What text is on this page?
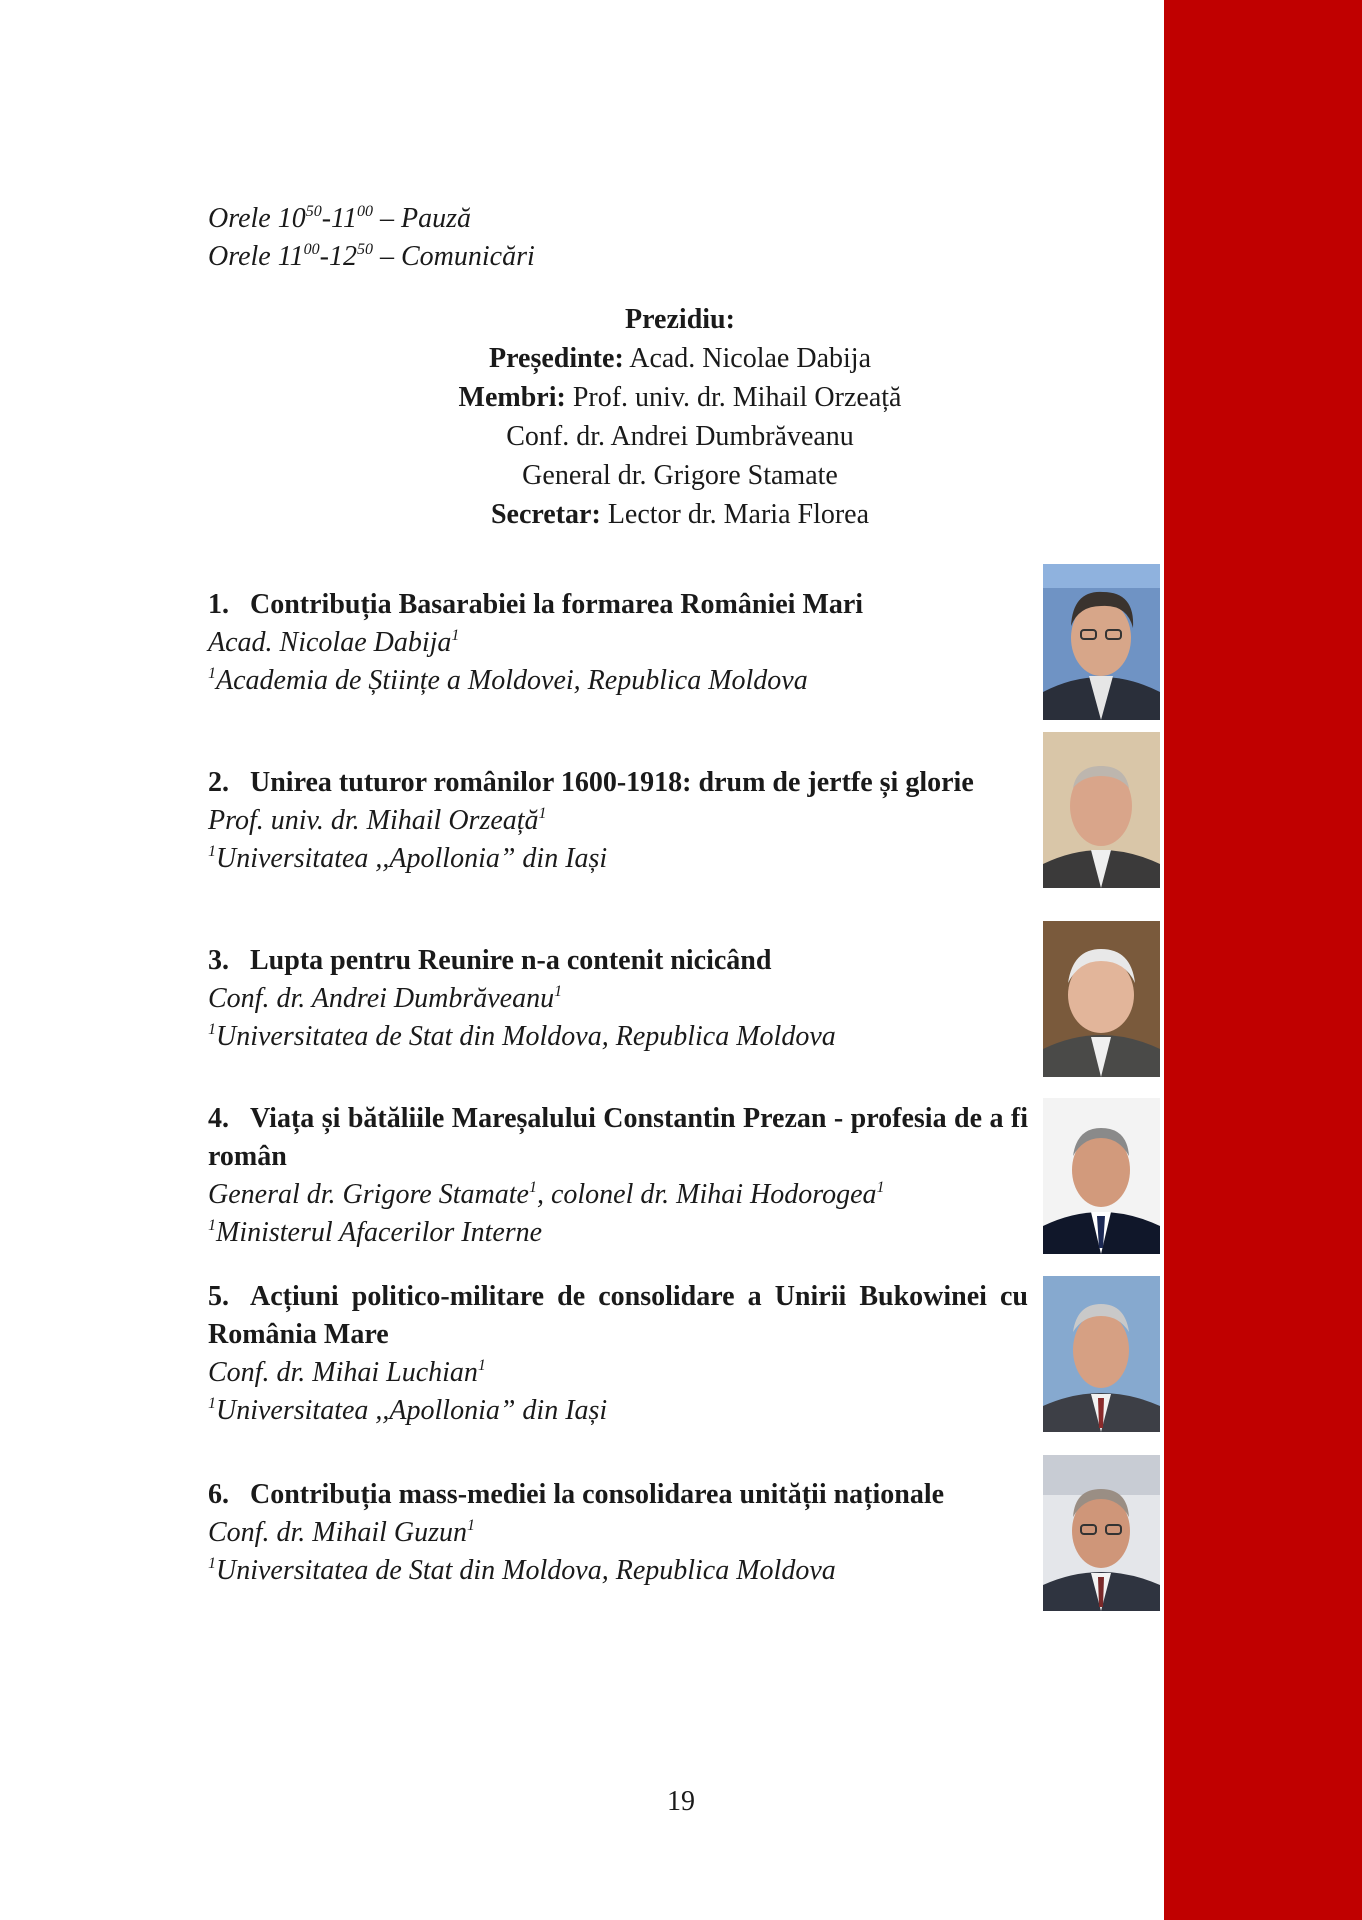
Orele $10^{50}-11^{00}$ – Pauză
Orele $11^{00}-12^{50}$ – Comunicări
Prezidiu:
Președinte: Acad. Nicolae Dabija
Membri: Prof. univ. dr. Mihail Orzeață
Conf. dr. Andrei Dumbrăveanu
General dr. Grigore Stamate
Secretar: Lector dr. Maria Florea
1. Contribuția Basarabiei la formarea României Mari
Acad. Nicolae Dabija$^1$
$^1$Academia de Științe a Moldovei, Republica Moldova
2. Unirea tuturor românilor 1600-1918: drum de jertfe și glorie
Prof. univ. dr. Mihail Orzeață$^1$
$^1$Universitatea ,,Apollonia” din Iași
3. Lupta pentru Reunire n-a contenit nicicând
Conf. dr. Andrei Dumbrăveanu$^1$
$^1$Universitatea de Stat din Moldova, Republica Moldova
4. Viața și bătăliile Mareșalului Constantin Prezan - profesia de a fi român
General dr. Grigore Stamate$^1$, colonel dr. Mihai Hodorogea$^1$
$^1$Ministerul Afacerilor Interne
5. Acțiuni politico-militare de consolidare a Unirii Bukowinei cu România Mare
Conf. dr. Mihai Luchian$^1$
$^1$Universitatea ,,Apollonia” din Iași
6. Contribuția mass-mediei la consolidarea unității naționale
Conf. dr. Mihail Guzun$^1$
$^1$Universitatea de Stat din Moldova, Republica Moldova
19
